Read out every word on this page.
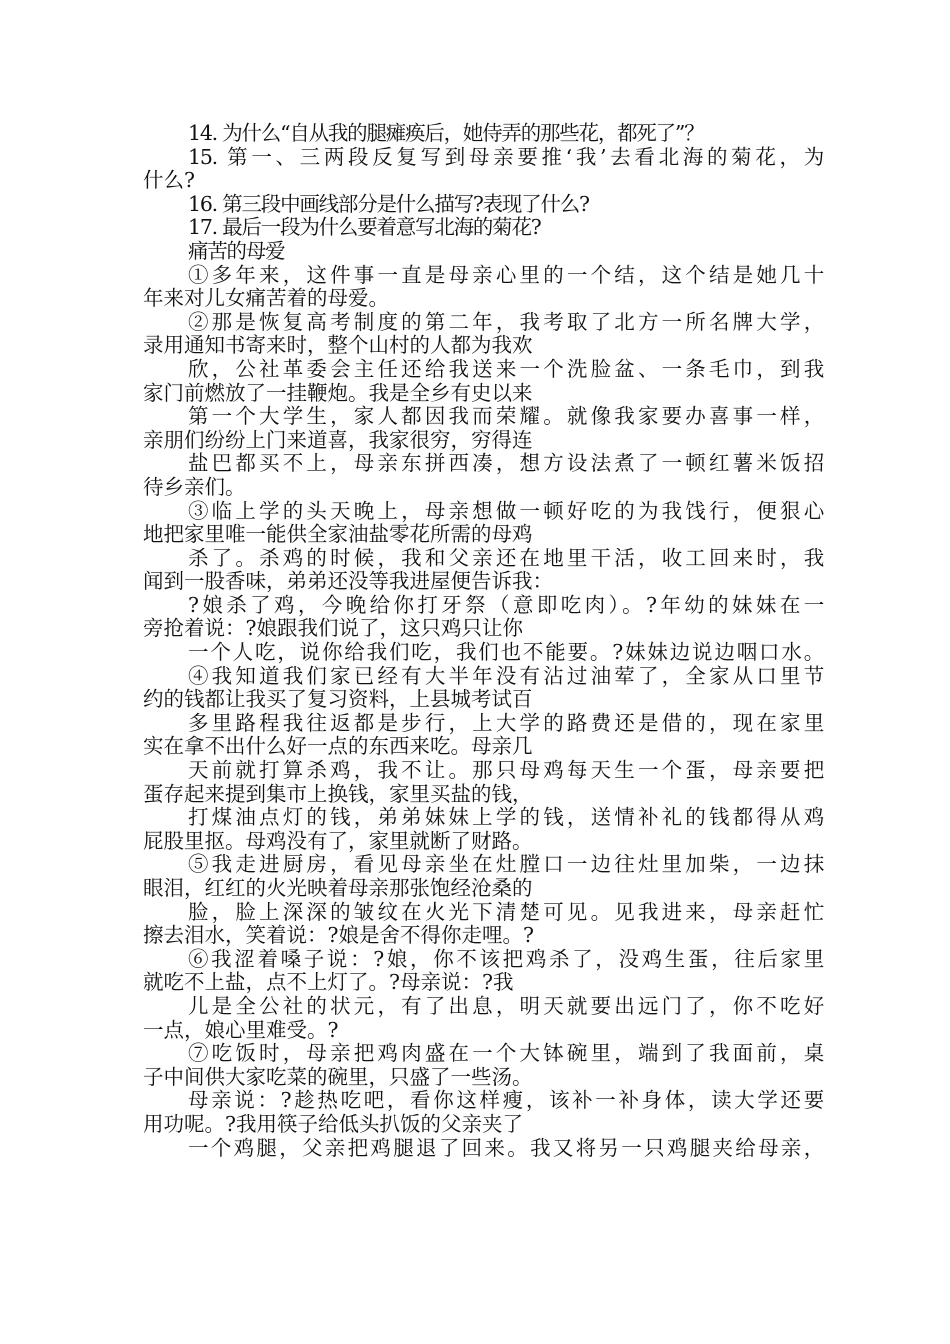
14. 为什么“自从我的腿瘫痪后，她侍弄的那些花，都死了”？
15. 第一、三两段反复写到母亲要推‘我’去看北海的菊花，为
什么?
16. 第三段中画线部分是什么描写?表现了什么?
17. 最后一段为什么要着意写北海的菊花?
痛苦的母爱
①多年来，这件事一直是母亲心里的一个结，这个结是她几十
年来对儿女痛苦着的母爱。
②那是恢复高考制度的第二年，我考取了北方一所名牌大学，
录用通知书寄来时，整个山村的人都为我欢
欣，公社革委会主任还给我送来一个洗脸盆、一条毛巾，到我
家门前燃放了一挂鞭炮。我是全乡有史以来
第一个大学生，家人都因我而荣耀。就像我家要办喜事一样，
亲朋们纷纷上门来道喜，我家很穷，穷得连
盐巴都买不上，母亲东拼西凑，想方设法煮了一顿红薯米饭招
待乡亲们。
③临上学的头天晚上，母亲想做一顿好吃的为我饯行，便狠心
地把家里唯一能供全家油盐零花所需的母鸡
杀了。杀鸡的时候，我和父亲还在地里干活，收工回来时，我
闻到一股香味，弟弟还没等我进屋便告诉我：
?娘杀了鸡，今晚给你打牙祭（意即吃肉）。?年幼的妹妹在一
旁抢着说：?娘跟我们说了，这只鸡只让你
一个人吃，说你给我们吃，我们也不能要。?妹妹边说边咽口水。
④我知道我们家已经有大半年没有沾过油荤了，全家从口里节
约的钱都让我买了复习资料，上县城考试百
多里路程我往返都是步行，上大学的路费还是借的，现在家里
实在拿不出什么好一点的东西来吃。母亲几
天前就打算杀鸡，我不让。那只母鸡每天生一个蛋，母亲要把
蛋存起来提到集市上换钱，家里买盐的钱，
打煤油点灯的钱，弟弟妹妹上学的钱，送情补礼的钱都得从鸡
屁股里抠。母鸡没有了，家里就断了财路。
⑤我走进厨房，看见母亲坐在灶膛口一边往灶里加柴，一边抹
眼泪，红红的火光映着母亲那张饱经沧桑的
脸，脸上深深的皱纹在火光下清楚可见。见我进来，母亲赶忙
擦去泪水，笑着说：?娘是舍不得你走哩。?
⑥我涩着嗓子说：?娘，你不该把鸡杀了，没鸡生蛋，往后家里
就吃不上盐，点不上灯了。?母亲说：?我
儿是全公社的状元，有了出息，明天就要出远门了，你不吃好
一点，娘心里难受。?
⑦吃饭时，母亲把鸡肉盛在一个大钵碗里，端到了我面前，桌
子中间供大家吃菜的碗里，只盛了一些汤。
母亲说：?趁热吃吧，看你这样瘦，该补一补身体，读大学还要
用功呢。?我用筷子给低头扒饭的父亲夹了
一个鸡腿，父亲把鸡腿退了回来。我又将另一只鸡腿夹给母亲，
